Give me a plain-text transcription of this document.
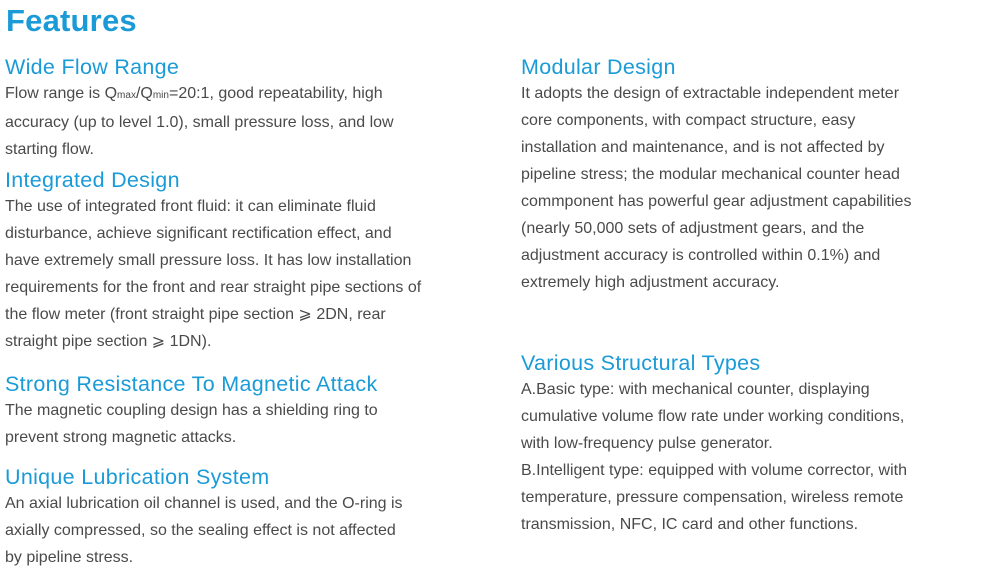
Features
Wide Flow Range

Flow range is Qmax/Qmin=20:1, good repeatability, high
accuracy (up to level 1.0), small pressure loss, and low
starting flow.

Integrated Design

The use of integrated front fluid: it can eliminate fluid
disturbance, achieve significant rectification effect, and
have extremely small pressure loss. It has low installation
requirements for the front and rear straight pipe sections of
the flow meter (front straight pipe section ⩾ 2DN, rear
straight pipe section ⩾ 1DN).

Strong Resistance To Magnetic Attack

The magnetic coupling design has a shielding ring to
prevent strong magnetic attacks.

Unique Lubrication System

An axial lubrication oil channel is used, and the O-ring is
axially compressed, so the sealing effect is not affected
by pipeline stress.

Modular Design

It adopts the design of extractable independent meter
core components, with compact structure, easy
installation and maintenance, and is not affected by
pipeline stress; the modular mechanical counter head
commponent has powerful gear adjustment capabilities
(nearly 50,000 sets of adjustment gears, and the
adjustment accuracy is controlled within 0.1%) and
extremely high adjustment accuracy.

Various Structural Types

A.Basic type: with mechanical counter, displaying
cumulative volume flow rate under working conditions,
with low-frequency pulse generator.
B.Intelligent type: equipped with volume corrector, with
temperature, pressure compensation, wireless remote
transmission, NFC, IC card and other functions.
